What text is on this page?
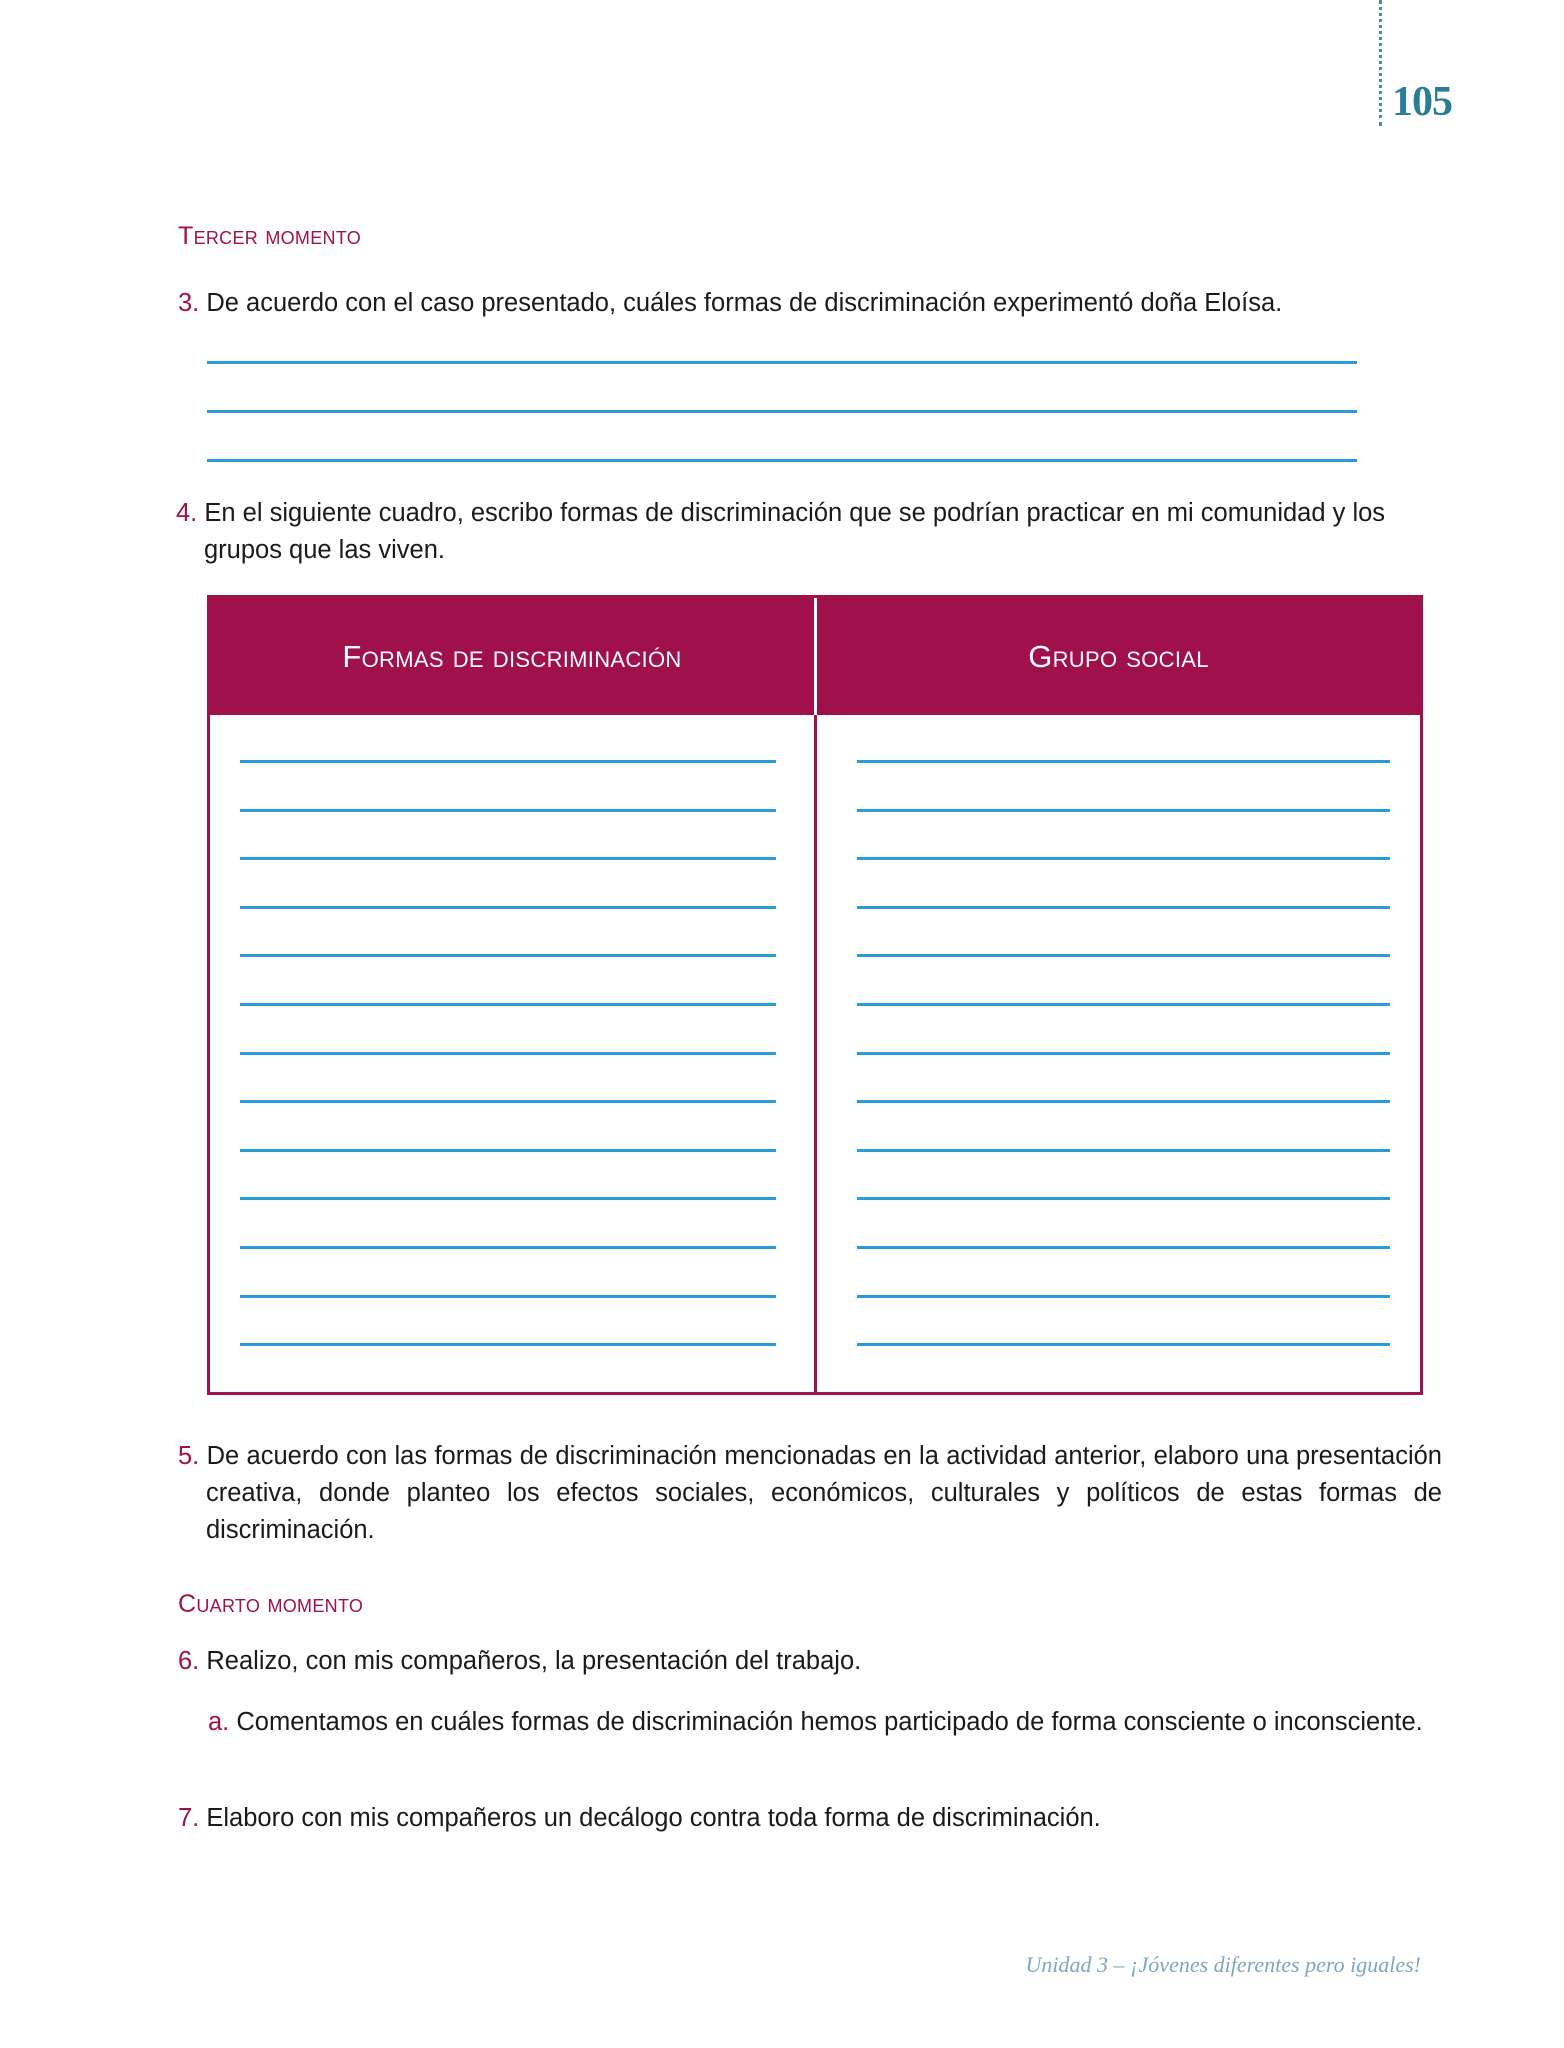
105
Tercer momento
3. De acuerdo con el caso presentado, cuáles formas de discriminación experimentó doña Eloísa.
4. En el siguiente cuadro, escribo formas de discriminación que se podrían practicar en mi comunidad y los grupos que las viven.
Formas de discriminación	Grupo social
5. De acuerdo con las formas de discriminación mencionadas en la actividad anterior, elaboro una presentación creativa, donde planteo los efectos sociales, económicos, culturales y políticos de estas formas de discriminación.
Cuarto momento
6. Realizo, con mis compañeros, la presentación del trabajo.
a. Comentamos en cuáles formas de discriminación hemos participado de forma consciente o inconsciente.
7. Elaboro con mis compañeros un decálogo contra toda forma de discriminación.
Unidad 3 – ¡Jóvenes diferentes pero iguales!
